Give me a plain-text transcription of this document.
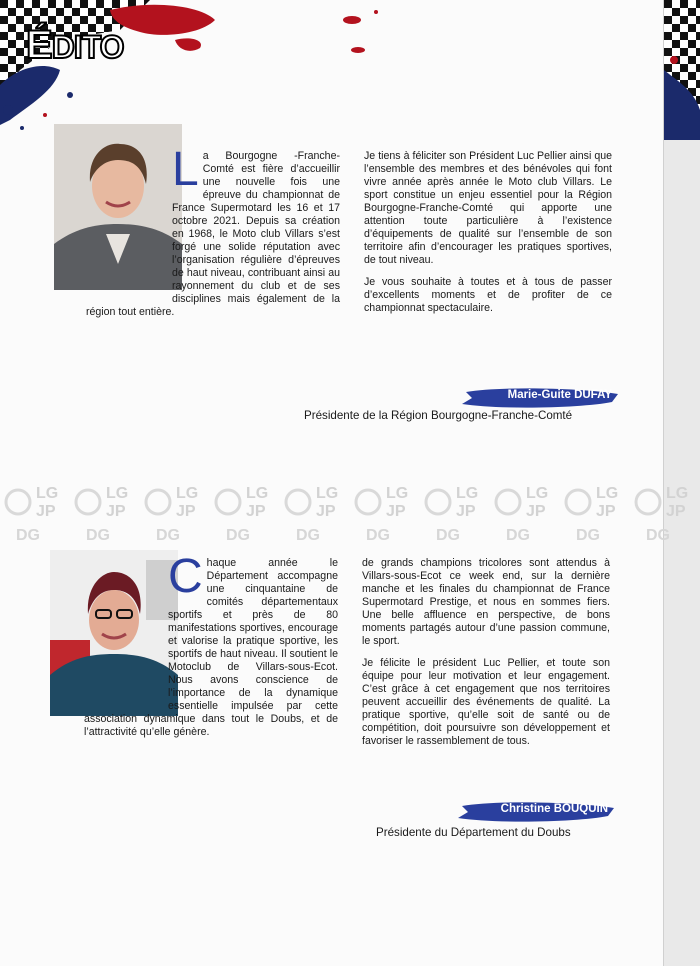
ÉDITO
L a Bourgogne -Franche-Comté est fière d’accueillir une nouvelle fois une épreuve du championnat de France Supermotard les 16 et 17 octobre 2021. Depuis sa création en 1968, le Moto club Villars s’est forgé une solide réputation avec l’organisation régulière d’épreuves de haut niveau, contribuant ainsi au rayonnement du club et de ses disciplines mais également de la région tout entière.

Je tiens à féliciter son Président Luc Pellier ainsi que l’ensemble des membres et des bénévoles qui font vivre année après année le Moto club Villars. Le sport constitue un enjeu essentiel pour la Région Bourgogne-Franche-Comté qui apporte une attention toute particulière à l’existence d’équipements de qualité sur l’ensemble de son territoire afin d’encourager les pratiques sportives, de tout niveau.

Je vous souhaite à toutes et à tous de passer d’excellents moments et de profiter de ce championnat spectaculaire.

Marie-Guite DUFAY
Présidente de la Région Bourgogne-Franche-Comté
LG
JP
DG
LG
JP
DG
LG
JP
DG
LG
JP
DG
LG
JP
DG
LG
JP
DG
LG
JP
DG
LG
JP
DG
LG
JP
DG
LG
JP
DG
C haque année le Département accompagne une cinquantaine de comités départementaux sportifs et près de 80 manifestations sportives, encourage et valorise la pratique sportive, les sportifs de haut niveau. Il soutient le Motoclub de Villars-sous-Ecot. Nous avons conscience de l’importance de la dynamique essentielle impulsée par cette association dynamique dans tout le Doubs, et de l’attractivité qu’elle génère.

de grands champions tricolores sont attendus à Villars-sous-Ecot ce week end, sur la dernière manche et les finales du championnat de France Supermotard Prestige, et nous en sommes fiers. Une belle affluence en perspective, de bons moments partagés autour d’une passion commune, le sport.

Je félicite le président Luc Pellier, et toute son équipe pour leur motivation et leur engagement. C’est grâce à cet engagement que nos territoires peuvent accueillir des événements de qualité. La pratique sportive, qu’elle soit de santé ou de compétition, doit poursuivre son développement et favoriser le rassemblement de tous.

Christine BOUQUIN
Présidente du Département du Doubs
